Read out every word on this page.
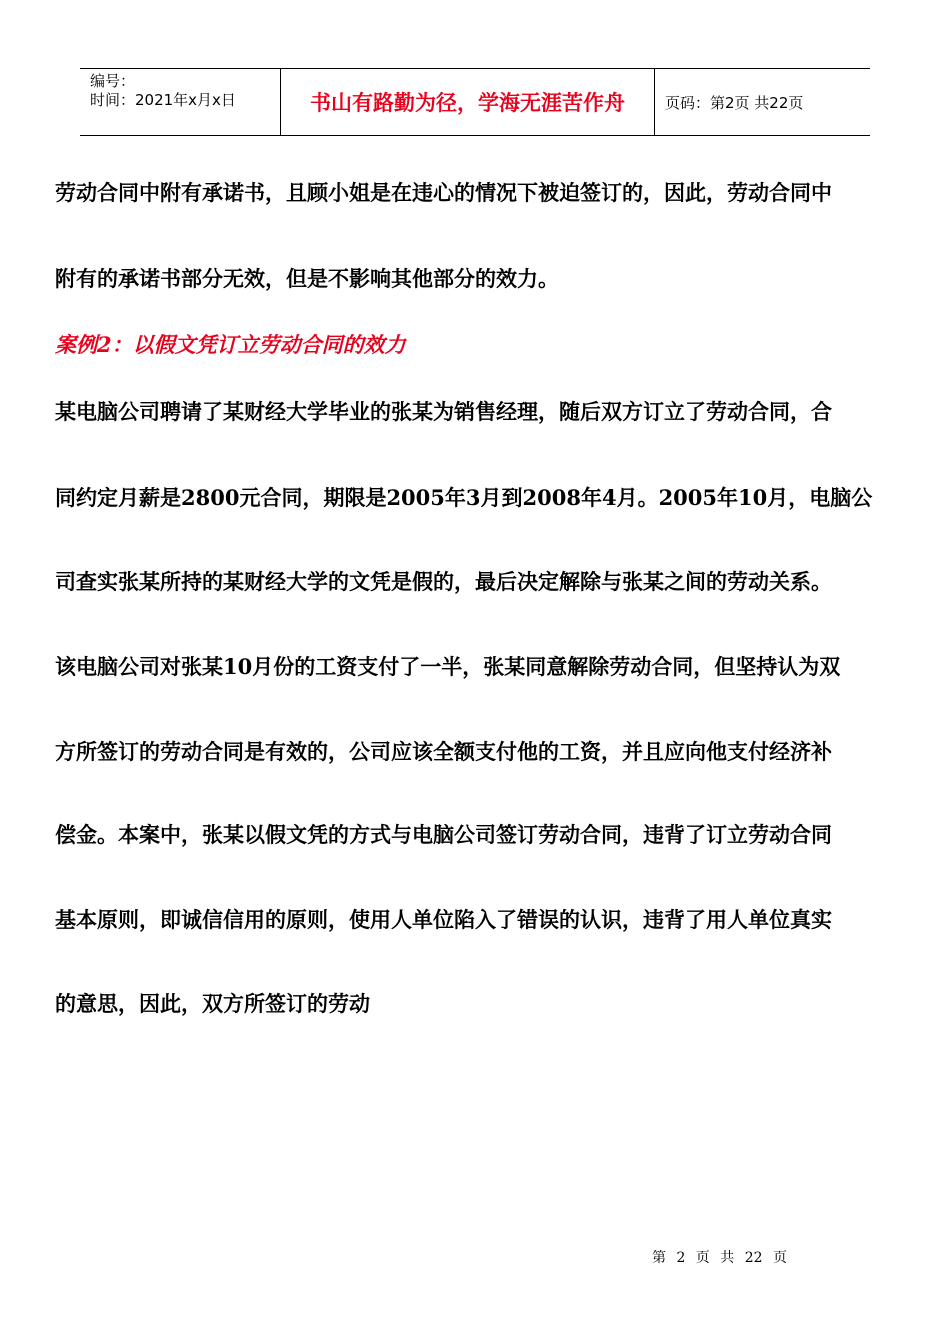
编号：
时间：2021年x月x日	书山有路勤为径，学海无涯苦作舟	页码：第2页 共22页
劳动合同中附有承诺书，且顾小姐是在违心的情况下被迫签订的，因此，劳动合同中
附有的承诺书部分无效，但是不影响其他部分的效力。
案例2：以假文凭订立劳动合同的效力
某电脑公司聘请了某财经大学毕业的张某为销售经理，随后双方订立了劳动合同，合
同约定月薪是2800元合同，期限是2005年3月到2008年4月。2005年10月，电脑公
司查实张某所持的某财经大学的文凭是假的，最后决定解除与张某之间的劳动关系。
该电脑公司对张某10月份的工资支付了一半，张某同意解除劳动合同，但坚持认为双
方所签订的劳动合同是有效的，公司应该全额支付他的工资，并且应向他支付经济补
偿金。本案中，张某以假文凭的方式与电脑公司签订劳动合同，违背了订立劳动合同
基本原则，即诚信信用的原则，使用人单位陷入了错误的认识，违背了用人单位真实
的意思，因此，双方所签订的劳动
第 2 页 共 22 页
